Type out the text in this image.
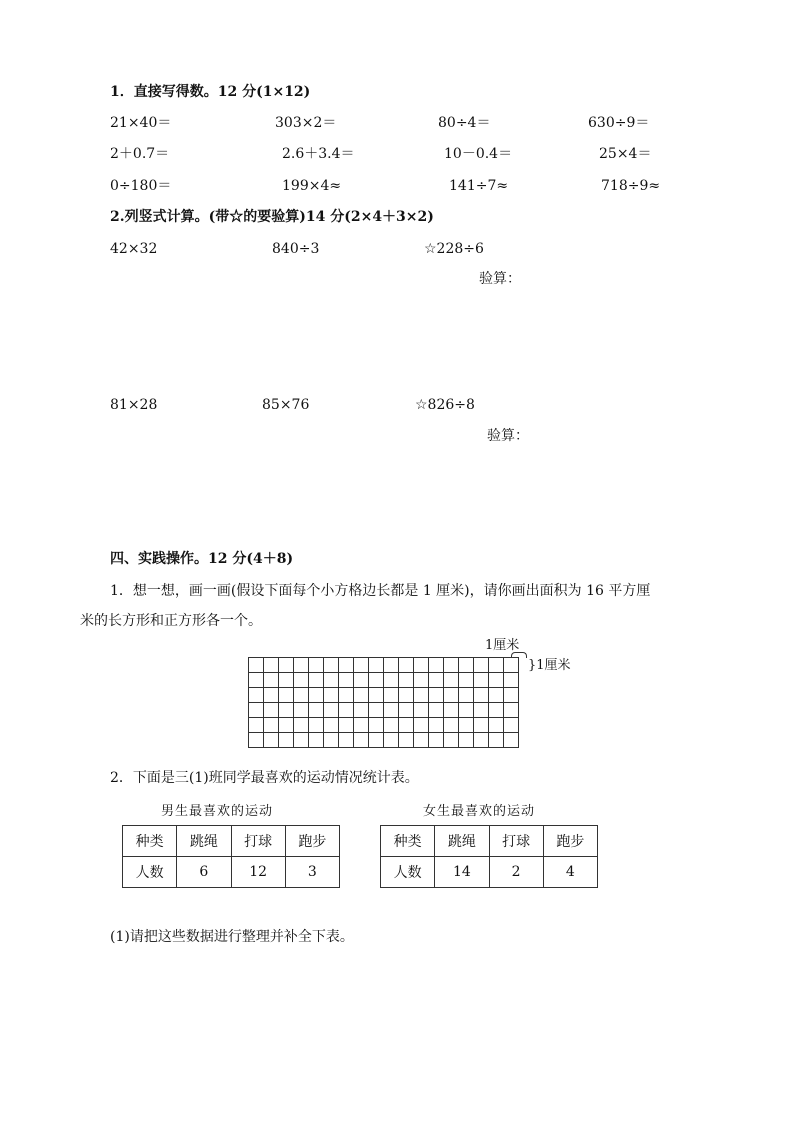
1．直接写得数。12 分(1×12)
21×40＝	303×2＝	80÷4＝	630÷9＝
2＋0.7＝	2.6＋3.4＝	10－0.4＝	25×4＝
0÷180＝	199×4≈	141÷7≈	718÷9≈
2.列竖式计算。(带☆的要验算)14 分(2×4＋3×2)
42×32	840÷3	☆228÷6
验算：
81×28	85×76	☆826÷8
验算：
四、实践操作。12 分(4＋8)
1．想一想，画一画(假设下面每个小方格边长都是 1 厘米)，请你画出面积为 16 平方厘
米的长方形和正方形各一个。
1厘米
}1厘米
2．下面是三(1)班同学最喜欢的运动情况统计表。
男生最喜欢的运动	女生最喜欢的运动
种类	跳绳	打球	跑步
人数	6	12	3
种类	跳绳	打球	跑步
人数	14	2	4
(1)请把这些数据进行整理并补全下表。
